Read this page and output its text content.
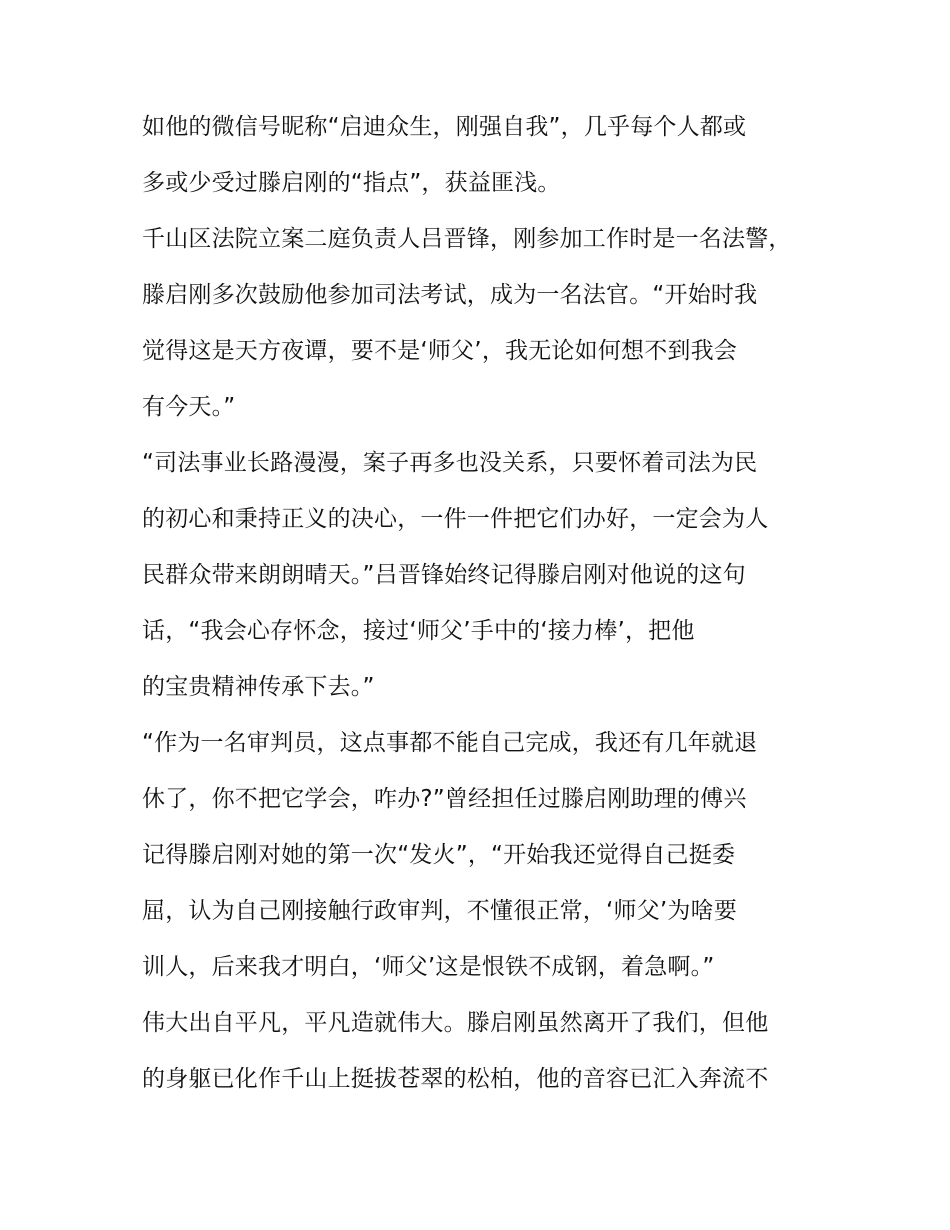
如他的微信号昵称“启迪众生，刚强自我”，几乎每个人都或
多或少受过滕启刚的“指点”，获益匪浅。
千山区法院立案二庭负责人吕晋锋，刚参加工作时是一名法警，
滕启刚多次鼓励他参加司法考试，成为一名法官。“开始时我
觉得这是天方夜谭，要不是‘师父’，我无论如何想不到我会
有今天。”
“司法事业长路漫漫，案子再多也没关系，只要怀着司法为民
的初心和秉持正义的决心，一件一件把它们办好，一定会为人
民群众带来朗朗晴天。”吕晋锋始终记得滕启刚对他说的这句
话，“我会心存怀念，接过‘师父’手中的‘接力棒’，把他
的宝贵精神传承下去。”
“作为一名审判员，这点事都不能自己完成，我还有几年就退
休了，你不把它学会，咋办?”曾经担任过滕启刚助理的傅兴
记得滕启刚对她的第一次“发火”，“开始我还觉得自己挺委
屈，认为自己刚接触行政审判，不懂很正常，‘师父’为啥要
训人，后来我才明白，‘师父’这是恨铁不成钢，着急啊。”
伟大出自平凡，平凡造就伟大。滕启刚虽然离开了我们，但他
的身躯已化作千山上挺拔苍翠的松柏，他的音容已汇入奔流不
